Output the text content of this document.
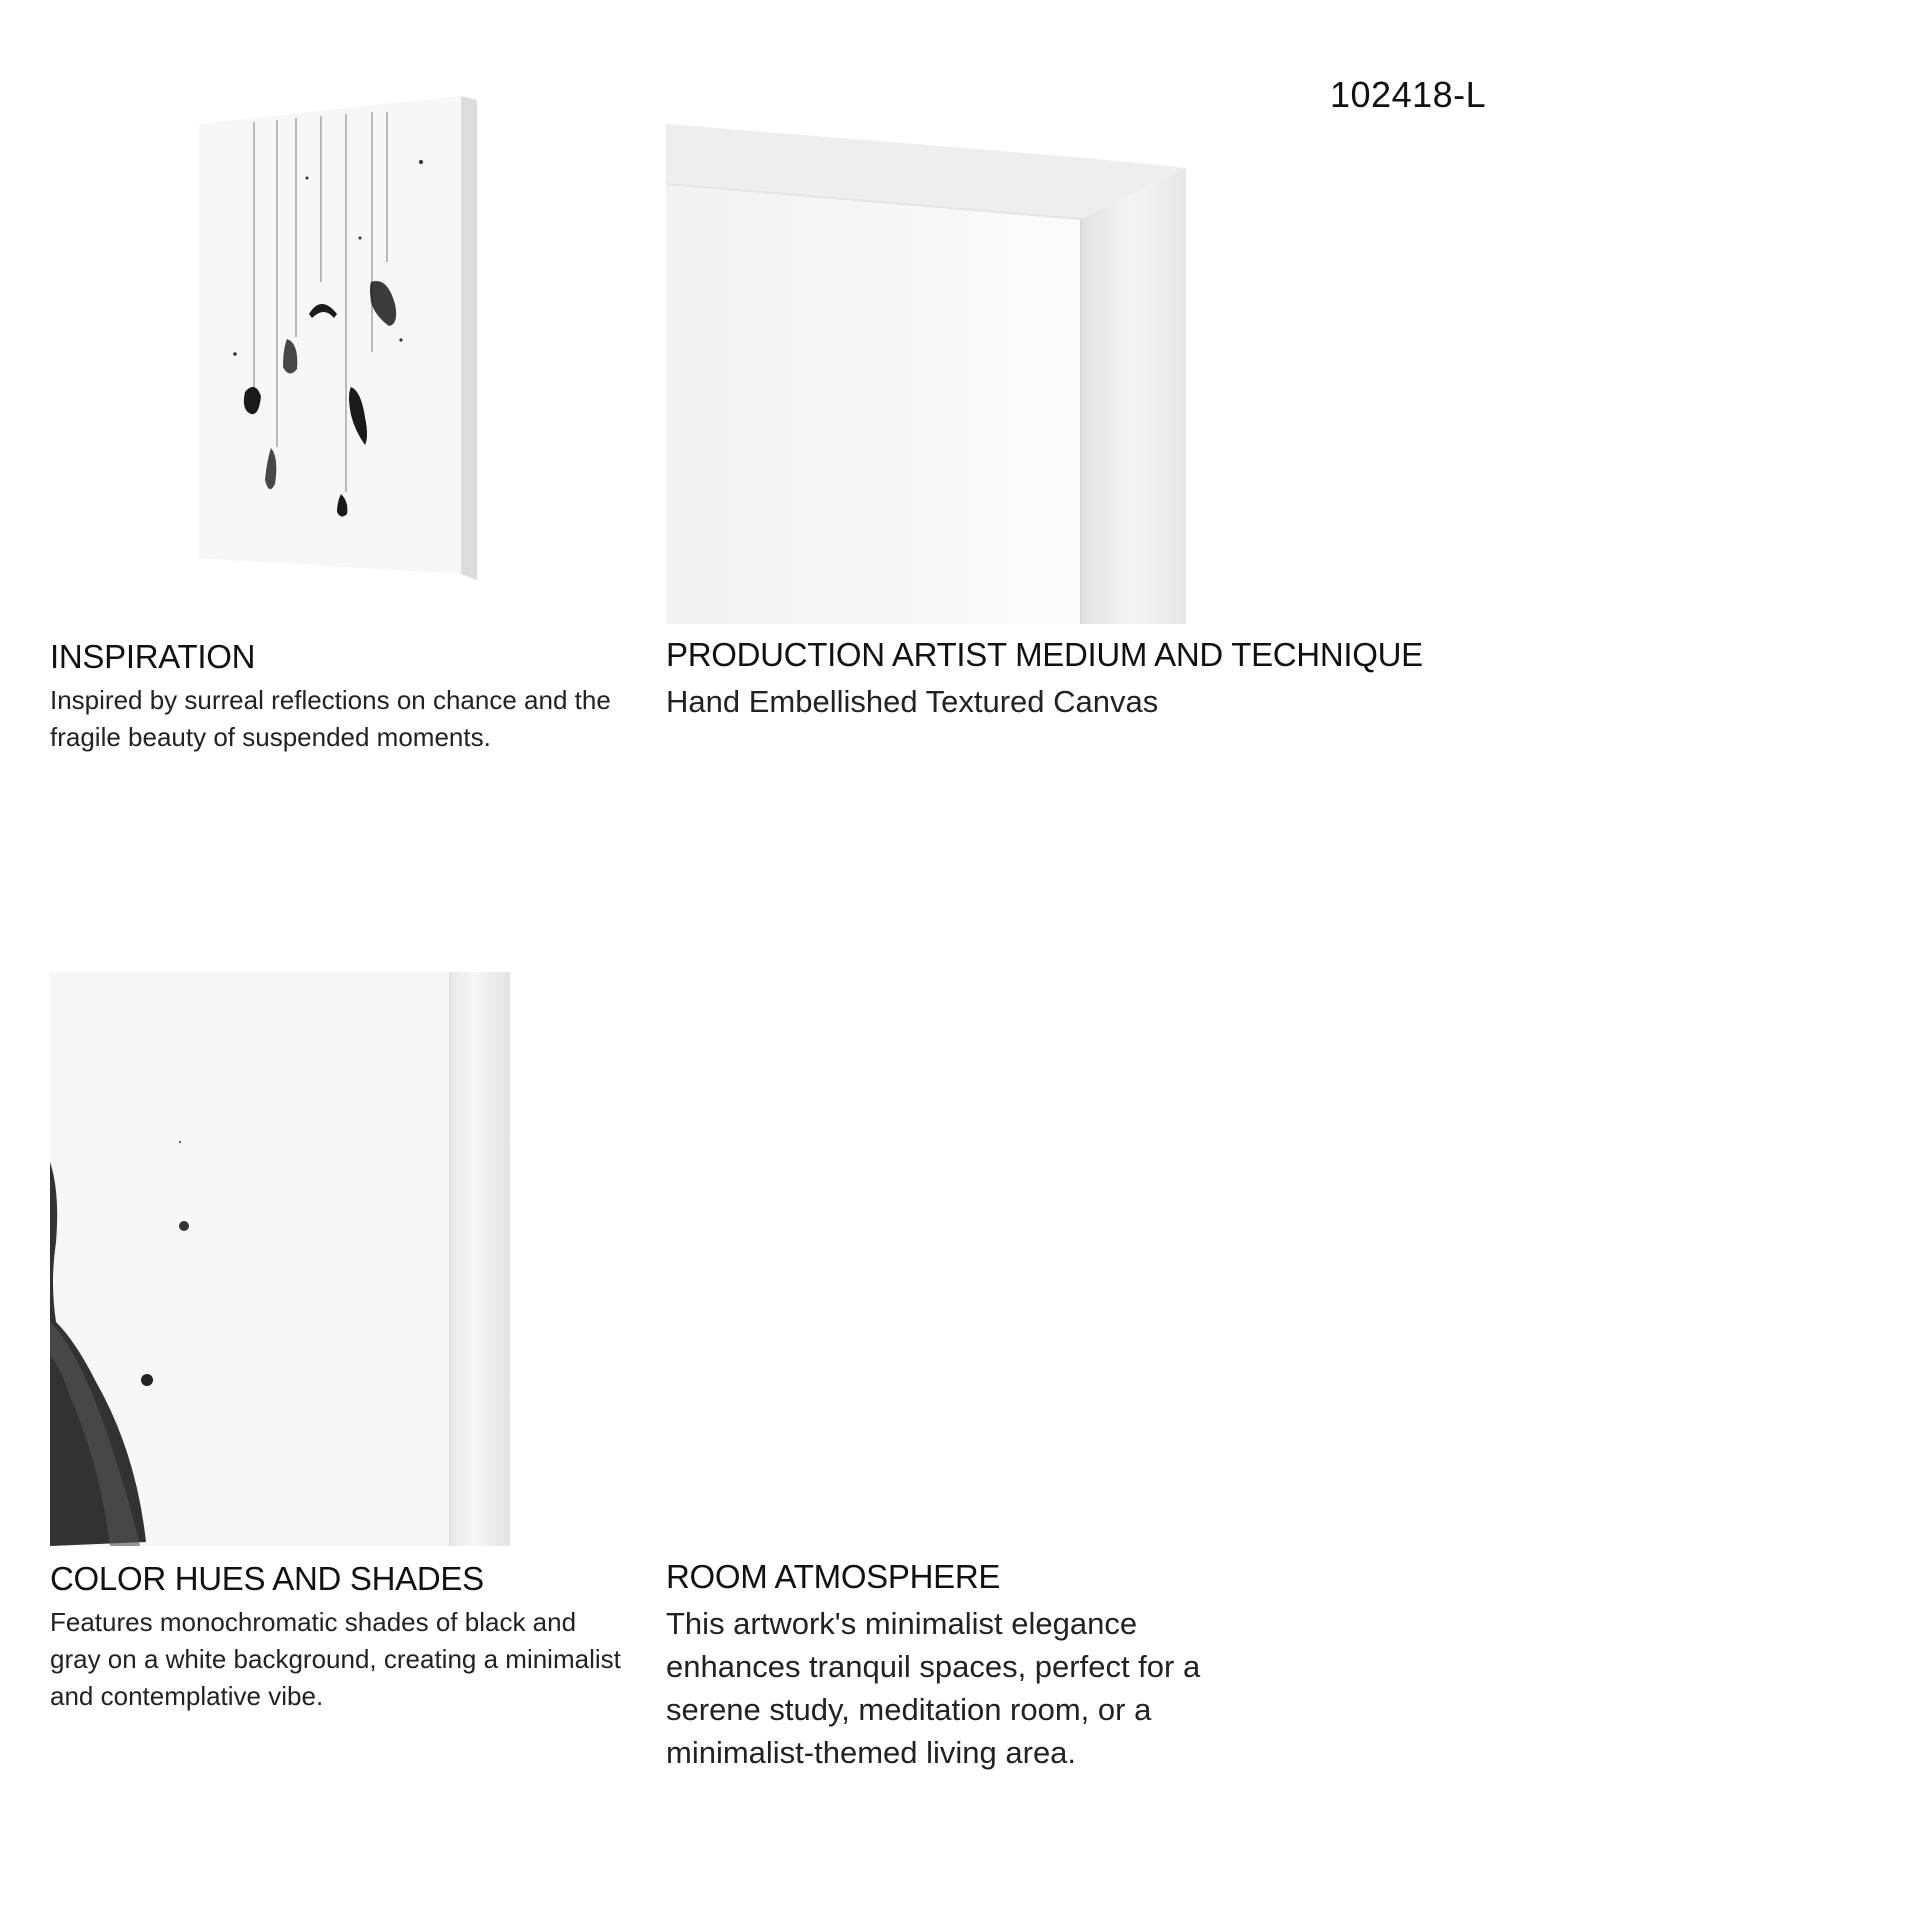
102418-L
INSPIRATION

Inspired by surreal reflections on chance and the fragile beauty of suspended moments.

PRODUCTION ARTIST MEDIUM AND TECHNIQUE

Hand Embellished Textured Canvas

COLOR HUES AND SHADES

Features monochromatic shades of black and gray on a white background, creating a minimalist and contemplative vibe.

ROOM ATMOSPHERE

This artwork's minimalist elegance enhances tranquil spaces, perfect for a serene study, meditation room, or a minimalist-themed living area.
